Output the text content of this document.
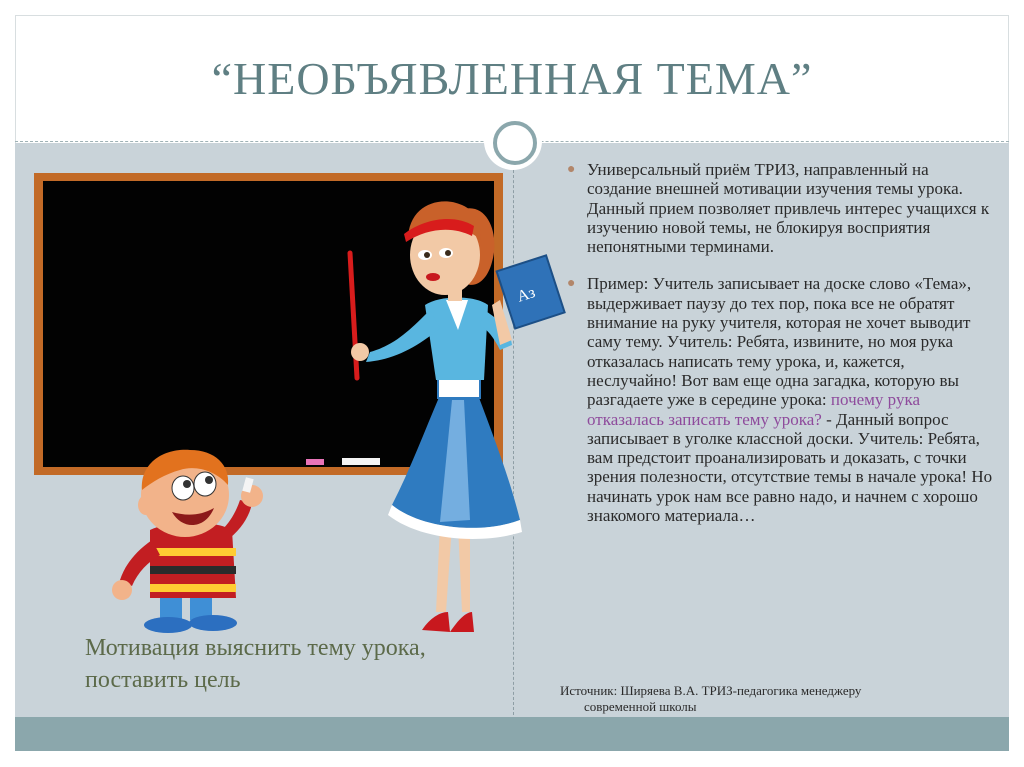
“НЕОБЪЯВЛЕННАЯ ТЕМА”
Аз
Мотивация выяснить тему урока,
поставить цель
● Универсальный приём ТРИЗ, направленный на создание внешней мотивации изучения темы урока. Данный прием позволяет привлечь интерес учащихся к изучению новой темы, не блокируя восприятия непонятными терминами.
● Пример: Учитель записывает на доске слово «Тема», выдерживает паузу до тех пор, пока все не обратят внимание на руку учителя, которая не хочет выводит саму тему. Учитель: Ребята, извините, но моя рука отказалась написать тему урока, и, кажется, неслучайно! Вот вам еще одна загадка, которую вы разгадаете уже в середине урока: почему рука отказалась записать тему урока? - Данный вопрос записывает в уголке классной доски. Учитель: Ребята, вам предстоит проанализировать и доказать, с точки зрения полезности, отсутствие темы в начале урока! Но начинать урок нам все равно надо, и начнем с хорошо знакомого материала…
Источник: Ширяева В.А. ТРИЗ-педагогика менеджеру
современной школы
